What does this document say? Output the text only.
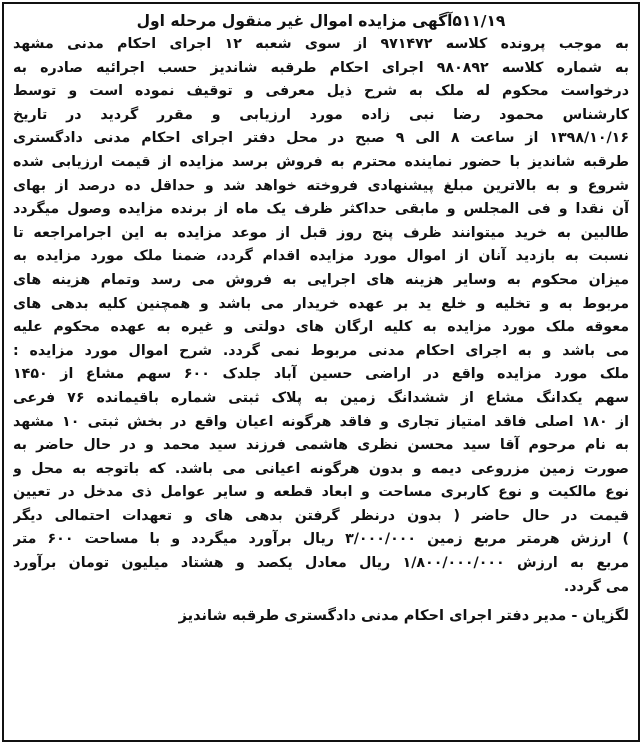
۵۱۱/۱۹آگهی مزایده اموال غیر منقول مرحله اول
به موجب پرونده کلاسه ۹۷۱۴۷۲ از سوی شعبه ۱۲ اجرای احکام مدنی مشهد
به شماره کلاسه ۹۸۰۸۹۲ اجرای احکام طرقبه شاندیز حسب اجرائیه صادره به
درخواست محکوم له ملک به شرح ذیل معرفی و توقیف نموده است و توسط
کارشناس محمود رضا نبی زاده مورد ارزیابی و مقرر گردید در تاریخ
۱۳۹۸/۱۰/۱۶ از ساعت ۸ الی ۹ صبح در محل دفتر اجرای احکام مدنی دادگستری
طرقبه شاندیز با حضور نماینده محترم به فروش برسد مزایده از قیمت ارزیابی شده
شروع و به بالاترین مبلغ پیشنهادی فروخته خواهد شد و حداقل ده درصد از بهای
آن نقدا و فی المجلس و مابقی حداکثر ظرف یک ماه از برنده مزایده وصول میگردد
طالبین به خرید میتوانند ظرف پنج روز قبل از موعد مزایده به این اجرامراجعه تا
نسبت به بازدید آنان از اموال مورد مزایده اقدام گردد، ضمنا ملک مورد مزایده به
میزان محکوم به وسایر هزینه های اجرایی به فروش می رسد وتمام هزینه های
مربوط به و تخلیه و خلع ید بر عهده خریدار می باشد و همچنین کلیه بدهی های
معوقه ملک مورد مزایده به کلیه ارگان های دولتی و غیره به عهده محکوم علیه
می باشد و به اجرای احکام مدنی مربوط نمی گردد. شرح اموال مورد مزایده :
ملک مورد مزایده واقع در اراضی حسین آباد جلدک ۶۰۰ سهم مشاع از ۱۴۵۰
سهم یکدانگ مشاع از ششدانگ زمین به پلاک ثبتی شماره باقیمانده ۷۶ فرعی
از ۱۸۰ اصلی فاقد امتیاز تجاری و فاقد هرگونه اعیان واقع در بخش ثبتی ۱۰ مشهد
به نام مرحوم آقا سید محسن نظری هاشمی فرزند سید محمد و در حال حاضر به
صورت زمین مزروعی دیمه و بدون هرگونه اعیانی می باشد. که باتوجه به محل و
نوع مالکیت و نوع کاربری مساحت و ابعاد قطعه و سایر عوامل ذی مدخل در تعیین
قیمت در حال حاضر ( بدون درنظر گرفتن بدهی های و تعهدات احتمالی دیگر
) ارزش هرمتر مربع زمین ۳/۰۰۰/۰۰۰ ریال برآورد میگردد و با مساحت ۶۰۰ متر
مربع به ارزش ۱/۸۰۰/۰۰۰/۰۰۰ ریال معادل یکصد و هشتاد میلیون تومان برآورد
می گردد.
لگزیان - مدیر دفتر اجرای احکام مدنی دادگستری طرقبه شاندیز
